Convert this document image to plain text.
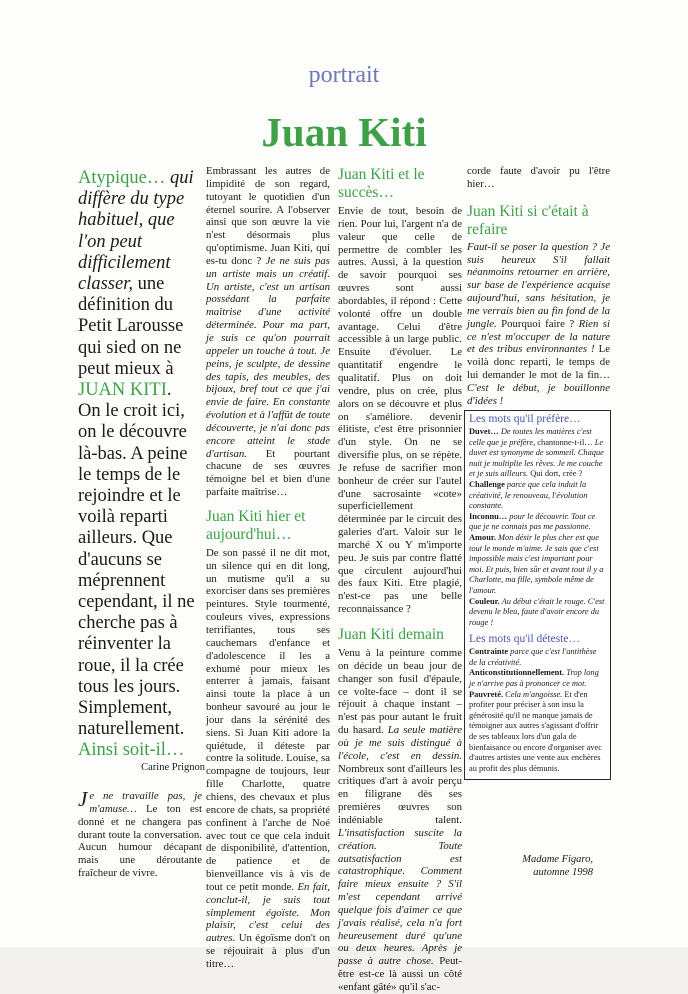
portrait
Juan Kiti
Atypique… qui diffère du type habituel, que l'on peut difficilement classer, une définition du Petit Larousse qui sied on ne peut mieux à JUAN KITI. On le croit ici, on le découvre là-bas. A peine le temps de le rejoindre et le voilà reparti ailleurs. Que d'aucuns se méprennent cependant, il ne cherche pas à réinventer la roue, il la crée tous les jours. Simplement, naturellement. Ainsi soit-il…
Carine Prignon
Je ne travaille pas, je m'amuse… Le ton est donné et ne changera pas durant toute la conversation. Aucun humour décapant mais une déroutante fraîcheur de vivre.

Embrassant les autres de limpidité de son regard, tutoyant le quotidien d'un éternel sourire. A l'observer ainsi que son œuvre la vie n'est désormais plus qu'optimisme. Juan Kiti, qui es-tu donc ? Je ne suis pas un artiste mais un créatif. Un artiste, c'est un artisan possédant la parfaite maîtrise d'une activité déterminée. Pour ma part, je suis ce qu'on pourrait appeler un touche à tout. Je peins, je sculpte, de dessine des tapis, des meubles, des bijoux, bref tout ce que j'ai envie de faire. En constante évolution et à l'affût de toute découverte, je n'ai donc pas encore atteint le stade d'artisan. Et pourtant chacune de ses œuvres témoigne bel et bien d'une parfaite maîtrise…

Juan Kiti hier et aujourd'hui…

De son passé il ne dit mot, un silence qui en dit long, un mutisme qu'il a su exorciser dans ses premières peintures. Style tourmenté, couleurs vives, expressions terrifiantes, tous ses cauchemars d'enfance et d'adolescence il les a exhumé pour mieux les enterrer à jamais, faisant ainsi toute la place à un bonheur savouré au jour le jour dans la sérénité des siens. Si Juan Kiti adore la quiétude, il déteste par contre la solitude. Louise, sa compagne de toujours, leur fille Charlotte, quatre chiens, des chevaux et plus encore de chats, sa propriété confinent à l'arche de Noé avec tout ce que cela induit de disponibilité, d'attention, de patience et de bienveillance vis à vis de tout ce petit monde. En fait, conclut-il, je suis tout simplement égoïste. Mon plaisir, c'est celui des autres. Un égoïsme don't on se réjouirait à plus d'un titre…

Juan Kiti et le succès…

Envie de tout, besoin de rien. Pour lui, l'argent n'a de valeur que celle de permettre de combler les autres. Aussi, à la question de savoir pourquoi ses œuvres sont aussi abordables, il répond : Cette volonté offre un double avantage. Celui d'être accessible à un large public. Ensuite d'évoluer. Le quantitatif engendre le qualitatif. Plus on doit vendre, plus on crée, plus alors on se découvre et plus on s'améliore. devenir élitiste, c'est être prisonnier d'un style. On ne se diversifie plus, on se répète. Je refuse de sacrifier mon bonheur de créer sur l'autel d'une sacrosainte «cote» superficiellement déterminée par le circuit des galeries d'art. Valoir sur le marché X ou Y m'importe peu. Je suis par contre flatté que circulent aujourd'hui des faux Kiti. Etre plagié, n'est-ce pas une belle reconnaissance ?

Juan Kiti demain

Venu à la peinture comme on décide un beau jour de changer son fusil d'épaule, ce volte-face – dont il se réjouit à chaque instant – n'est pas pour autant le fruit du hasard. La seule matière où je me suis distingué à l'école, c'est en dessin. Nombreux sont d'ailleurs les critiques d'art à avoir perçu en filigrane dès ses premières œuvres son indéniable talent. L'insatisfaction suscite la création. Toute autsatisfaction est catastrophique. Comment faire mieux ensuite ? S'il m'est cependant arrivé quelque fois d'aimer ce que j'avais réalisé, cela n'a fort heureusement duré qu'une ou deux heures. Après je passe à autre chose. Peut-être est-ce là aussi un côté «enfant gâté» qu'il s'ac-

corde faute d'avoir pu l'être hier…

Juan Kiti si c'était à refaire

Faut-il se poser la question ? Je suis heureux S'il fallait néanmoins retourner en arrière, sur base de l'expérience acquise aujourd'hui, sans hésitation, je me verrais bien au fin fond de la jungle. Pourquoi faire ? Rien si ce n'est m'occuper de la nature et des tribus environnantes ! Le voilà donc reparti, le temps de lui demander le mot de la fin… C'est le début, je bouillonne d'idées !

Les mots qu'il préfère…

Duvet… De toutes les matières c'est celle que je préfère, chantonne-t-il… Le duvet est synonyme de sommeil. Chaque nuit je multiplie les rêves. Je me couche et je suis ailleurs. Qui dort, crée ?

Challenge parce que cela induit la créativité, le renouveau, l'évolution constante.

Inconnu… pour le découvrir. Tout ce que je ne connais pas me passionne.

Amour. Mon désir le plus cher est que tout le monde m'aime. Je sais que c'est impossible mais c'est important pour moi. Et puis, bien sûr et avant tout il y a Charlotte, ma fille, symbole même de l'amour.

Couleur. Au début c'était le rouge. C'est devenu le bleu, faute d'avoir encore du rouge !

Les mots qu'il déteste…

Contrainte parce que c'est l'antithèse de la créativité.

Anticonstitutionnellement. Trop long je n'arrive pas à prononcer ce mot.

Pauvreté. Cela m'angoisse. Et d'en profiter pour préciser à son insu la générosité qu'il ne manque jamais de témoigner aux autres s'agissant d'offrir de ses tableaux lors d'un gala de bienfaisance ou encore d'organiser avec d'autres artistes une vente aux enchères au profit des plus démunis.

Madame Figaro,
automne 1998
